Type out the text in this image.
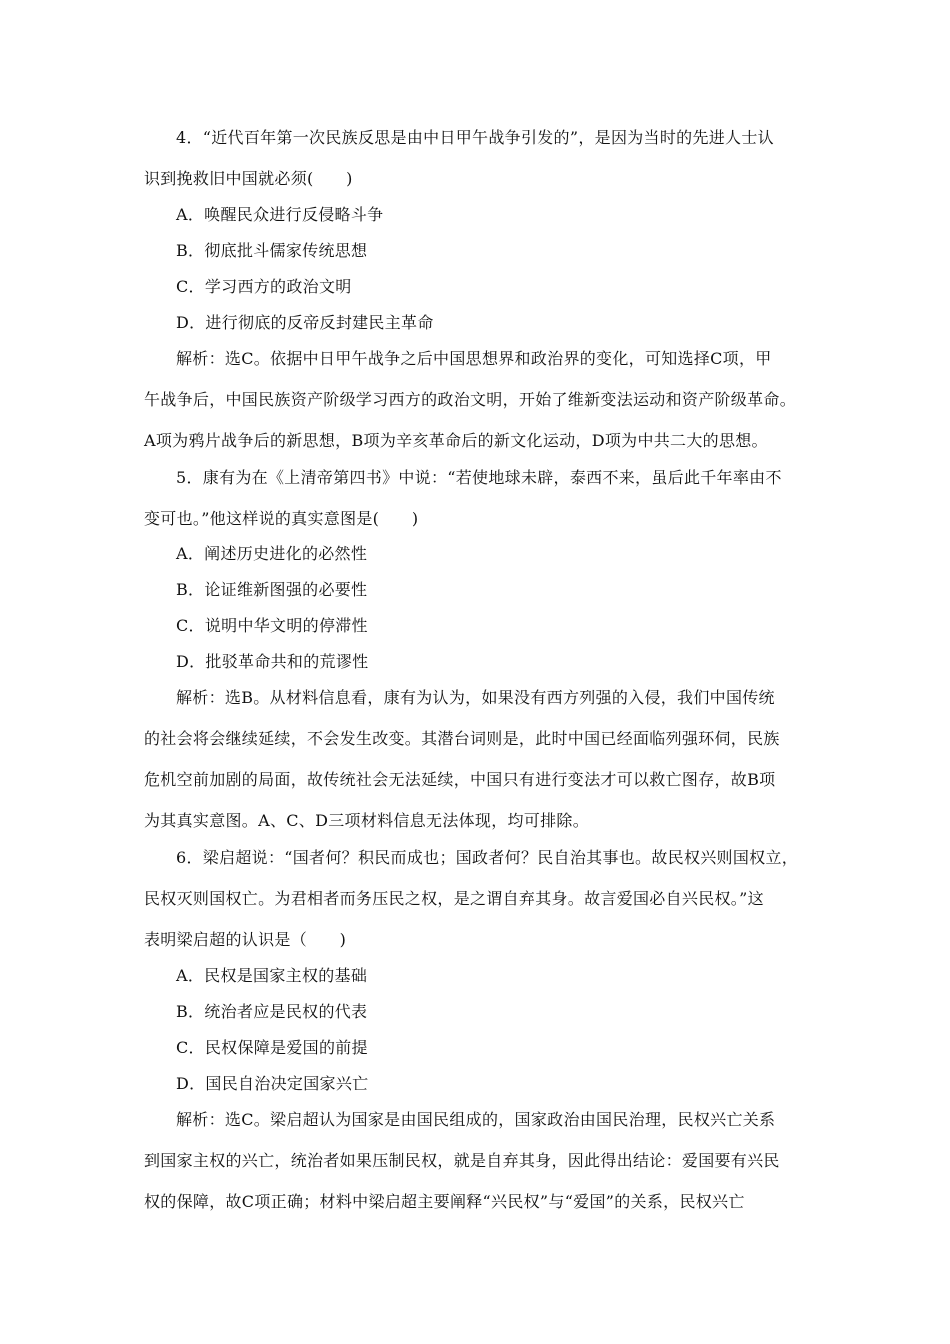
4．“近代百年第一次民族反思是由中日甲午战争引发的”，是因为当时的先进人士认
识到挽救旧中国就必须(　　)
A．唤醒民众进行反侵略斗争
B．彻底批斗儒家传统思想
C．学习西方的政治文明
D．进行彻底的反帝反封建民主革命
解析：选C。依据中日甲午战争之后中国思想界和政治界的变化，可知选择C项，甲
午战争后，中国民族资产阶级学习西方的政治文明，开始了维新变法运动和资产阶级革命。
A项为鸦片战争后的新思想，B项为辛亥革命后的新文化运动，D项为中共二大的思想。
5．康有为在《上清帝第四书》中说：“若使地球未辟，泰西不来，虽后此千年率由不
变可也。”他这样说的真实意图是(　　)
A．阐述历史进化的必然性
B．论证维新图强的必要性
C．说明中华文明的停滞性
D．批驳革命共和的荒谬性
解析：选B。从材料信息看，康有为认为，如果没有西方列强的入侵，我们中国传统
的社会将会继续延续，不会发生改变。其潜台词则是，此时中国已经面临列强环伺，民族
危机空前加剧的局面，故传统社会无法延续，中国只有进行变法才可以救亡图存，故B项
为其真实意图。A、C、D三项材料信息无法体现，均可排除。
6．梁启超说：“国者何？积民而成也；国政者何？民自治其事也。故民权兴则国权立，
民权灭则国权亡。为君相者而务压民之权，是之谓自弃其身。故言爱国必自兴民权。”这
表明梁启超的认识是（　　)
A．民权是国家主权的基础
B．统治者应是民权的代表
C．民权保障是爱国的前提
D．国民自治决定国家兴亡
解析：选C。梁启超认为国家是由国民组成的，国家政治由国民治理，民权兴亡关系
到国家主权的兴亡，统治者如果压制民权，就是自弃其身，因此得出结论：爱国要有兴民
权的保障，故C项正确；材料中梁启超主要阐释“兴民权”与“爱国”的关系，民权兴亡
